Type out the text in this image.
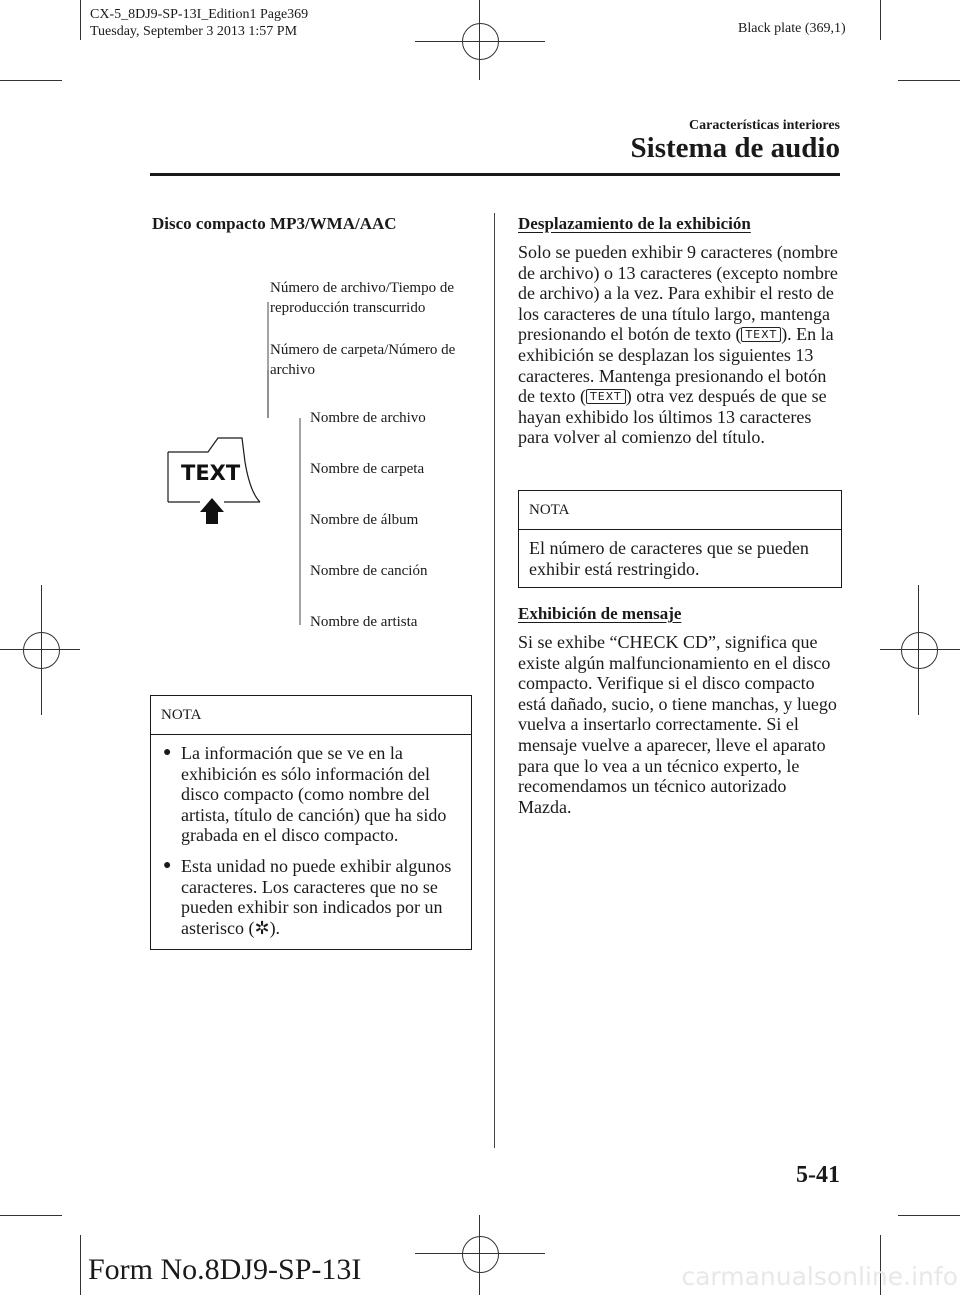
CX-5_8DJ9-SP-13I_Edition1 Page369
Tuesday, September 3 2013 1:57 PM	Black plate (369,1)
Características interiores
Sistema de audio
Disco compacto MP3/WMA/AAC
TEXT
Número de archivo/Tiempo de reproducción transcurrido
Número de carpeta/Número de archivo
Nombre de archivo
Nombre de carpeta
Nombre de álbum
Nombre de canción
Nombre de artista
NOTA
● La información que se ve en la exhibición es sólo información del disco compacto (como nombre del artista, título de canción) que ha sido grabada en el disco compacto.
● Esta unidad no puede exhibir algunos caracteres. Los caracteres que no se pueden exhibir son indicados por un asterisco (✲).
Desplazamiento de la exhibición
Solo se pueden exhibir 9 caracteres (nombre de archivo) o 13 caracteres (excepto nombre de archivo) a la vez. Para exhibir el resto de los caracteres de una título largo, mantenga presionando el botón de texto ( TEXT ). En la exhibición se desplazan los siguientes 13 caracteres. Mantenga presionando el botón de texto ( TEXT ) otra vez después de que se hayan exhibido los últimos 13 caracteres para volver al comienzo del título.
NOTA
El número de caracteres que se pueden exhibir está restringido.
Exhibición de mensaje
Si se exhibe “CHECK CD”, significa que existe algún malfuncionamiento en el disco compacto. Verifique si el disco compacto está dañado, sucio, o tiene manchas, y luego vuelva a insertarlo correctamente. Si el mensaje vuelve a aparecer, lleve el aparato para que lo vea a un técnico experto, le recomendamos un técnico autorizado Mazda.
5-41
Form No.8DJ9-SP-13I	carmanualsonline.info
